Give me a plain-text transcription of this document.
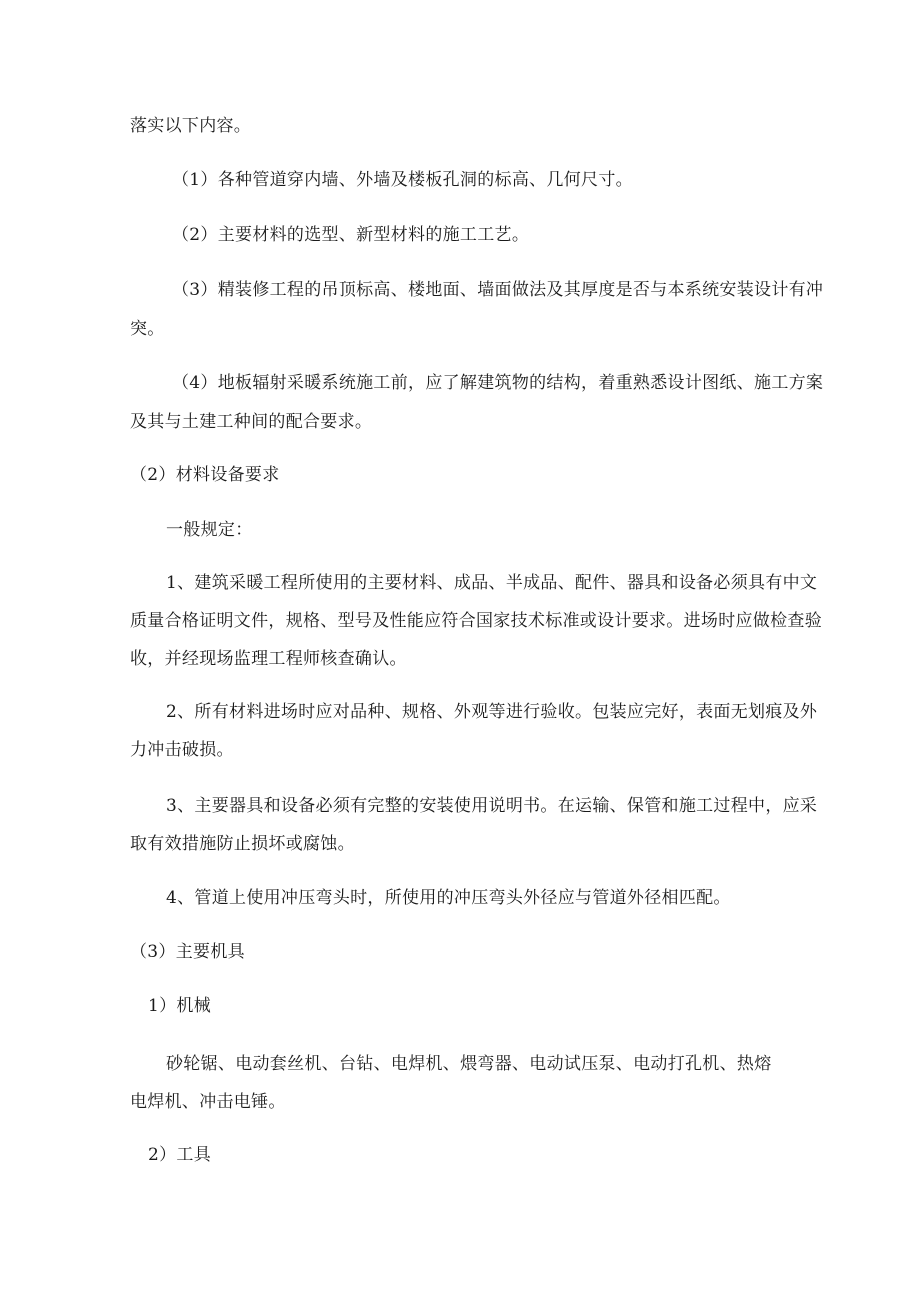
落实以下内容。
（1）各种管道穿内墙、外墙及楼板孔洞的标高、几何尺寸。
（2）主要材料的选型、新型材料的施工工艺。
（3）精装修工程的吊顶标高、楼地面、墙面做法及其厚度是否与本系统安装设计有冲
突。
（4）地板辐射采暖系统施工前，应了解建筑物的结构，着重熟悉设计图纸、施工方案
及其与土建工种间的配合要求。
（2）材料设备要求
一般规定：
1、建筑采暖工程所使用的主要材料、成品、半成品、配件、器具和设备必须具有中文
质量合格证明文件，规格、型号及性能应符合国家技术标准或设计要求。进场时应做检查验
收，并经现场监理工程师核查确认。
2、所有材料进场时应对品种、规格、外观等进行验收。包装应完好，表面无划痕及外
力冲击破损。
3、主要器具和设备必须有完整的安装使用说明书。在运输、保管和施工过程中，应采
取有效措施防止损坏或腐蚀。
4、管道上使用冲压弯头时，所使用的冲压弯头外径应与管道外径相匹配。
（3）主要机具
1）机械
砂轮锯、电动套丝机、台钻、电焊机、煨弯器、电动试压泵、电动打孔机、热熔
电焊机、冲击电锤。
2）工具
